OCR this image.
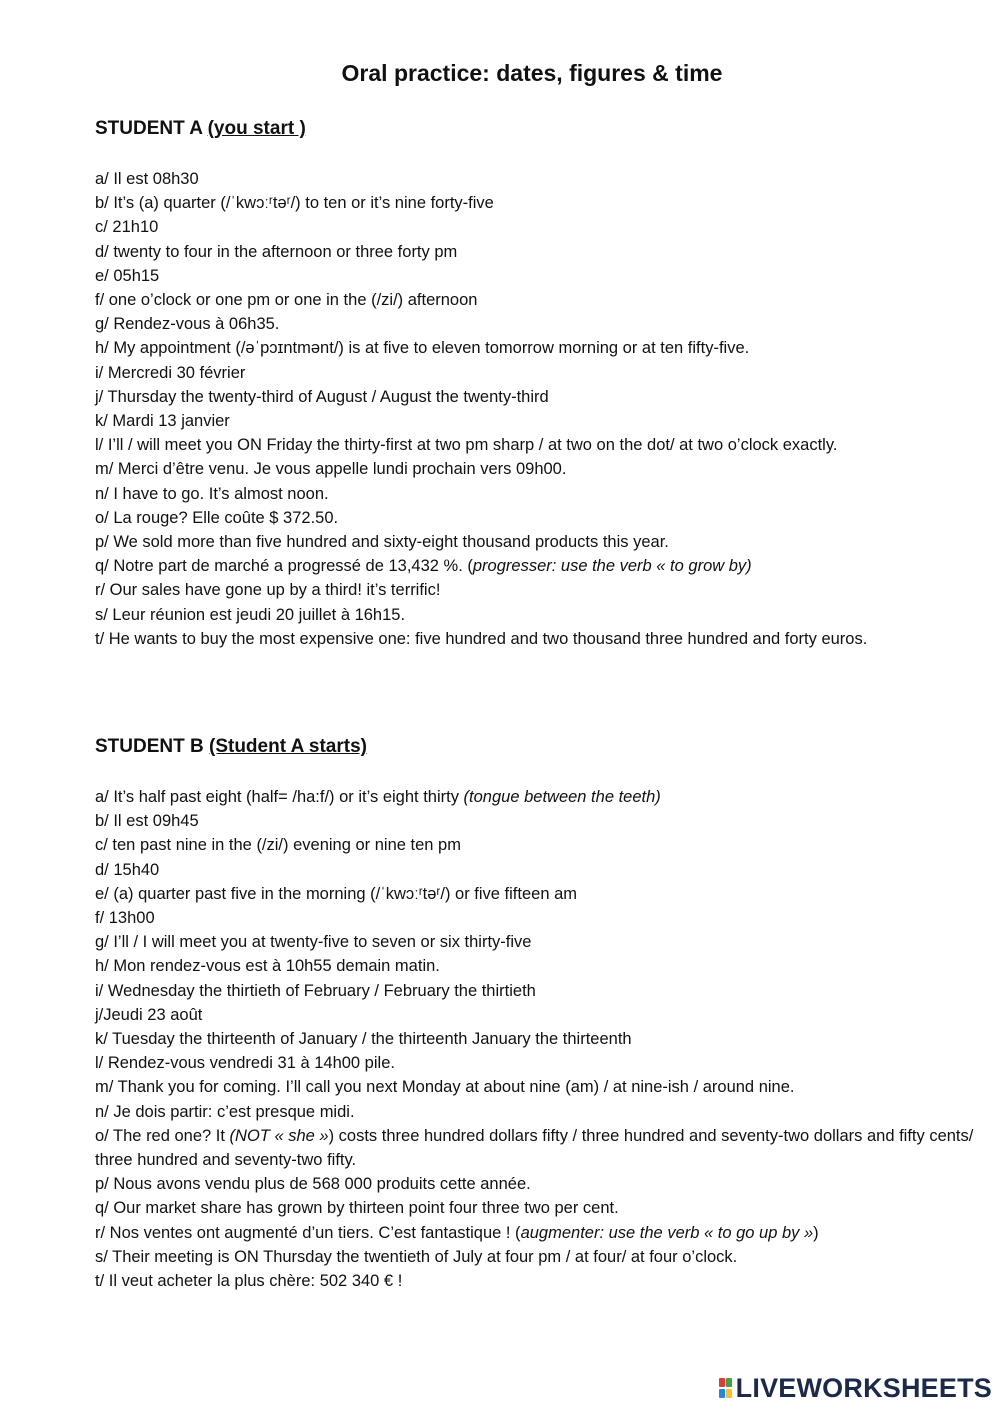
Oral practice: dates, figures & time
STUDENT A (you start )
a/ Il est 08h30
b/ It’s (a) quarter (/ˈkwɔːʳtəʳ/) to ten or it’s nine forty-five
c/ 21h10
d/ twenty to four in the afternoon or three forty pm
e/ 05h15
f/ one o’clock or one pm or one in the (/zi/) afternoon
g/ Rendez-vous à 06h35.
h/ My appointment (/əˈpɔɪntmənt/) is at five to eleven tomorrow morning or at ten fifty-five.
i/ Mercredi 30 février
j/ Thursday the twenty-third of August / August the twenty-third
k/ Mardi 13 janvier
l/ I’ll / will meet you ON Friday the thirty-first at two pm sharp / at two on the dot/ at two o’clock exactly.
m/ Merci d’être venu. Je vous appelle lundi prochain vers 09h00.
n/ I have to go. It’s almost noon.
o/ La rouge? Elle coûte $ 372.50.
p/ We sold more than five hundred and sixty-eight thousand products this year.
q/ Notre part de marché a progressé de 13,432 %. (progresser: use the verb « to grow by)
r/ Our sales have gone up by a third! it’s terrific!
s/ Leur réunion est jeudi 20 juillet à 16h15.
t/ He wants to buy the most expensive one: five hundred and two thousand three hundred and forty euros.
STUDENT B (Student A starts)
a/ It’s half past eight (half= /ha:f/) or it’s eight thirty (tongue between the teeth)
b/ Il est 09h45
c/ ten past nine in the (/zi/) evening or nine ten pm
d/ 15h40
e/ (a) quarter past five in the morning (/ˈkwɔːʳtəʳ/) or five fifteen am
f/ 13h00
g/ I’ll / I will meet you at twenty-five to seven or six thirty-five
h/ Mon rendez-vous est à 10h55 demain matin.
i/ Wednesday the thirtieth of February / February the thirtieth
j/Jeudi 23 août
k/ Tuesday the thirteenth of January / the thirteenth January the thirteenth
l/ Rendez-vous vendredi 31 à 14h00 pile.
m/ Thank you for coming. I’ll call you next Monday at about nine (am) / at nine-ish / around nine.
n/ Je dois partir: c’est presque midi.
o/ The red one? It (NOT « she ») costs three hundred dollars fifty / three hundred and seventy-two dollars and fifty cents/ three hundred and seventy-two fifty.
p/ Nous avons vendu plus de 568 000 produits cette année.
q/ Our market share has grown by thirteen point four three two per cent.
r/ Nos ventes ont augmenté d’un tiers. C’est fantastique ! (augmenter: use the verb « to go up by »)
s/ Their meeting is ON Thursday the twentieth of July at four pm / at four/ at four o’clock.
t/ Il veut acheter la plus chère: 502 340 € !
LIVEWORKSHEETS
